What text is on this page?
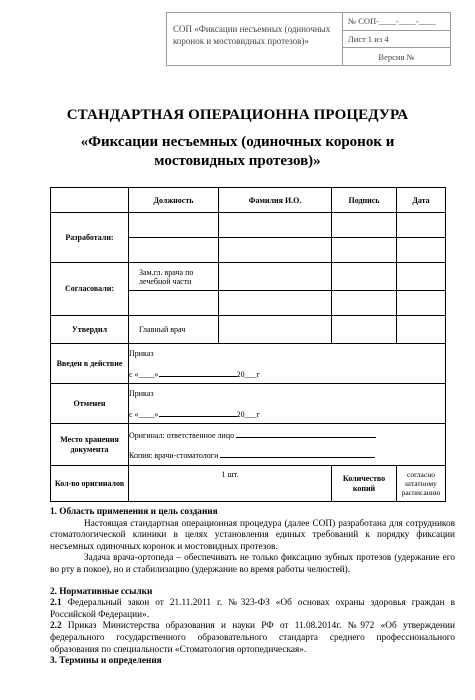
СОП «Фиксации несъемных (одиночных коронок и мостовидных протезов)»
№ СОП-____-____-____
Лист 1 из 4
Версия №
СТАНДАРТНАЯ ОПЕРАЦИОННА ПРОЦЕДУРА
«Фиксации несъемных (одиночных коронок и мостовидных протезов)»
	Должность	Фамилия И.О.	Подпись	Дата
Разработали:				

Согласовали:	Зам.гл. врача по лечебной части			

Утвердил	Главный врач			
Введен в действие	Приказ
с «____» 20___г			

Отменен	Приказ
с «____» 20___г			

Место хранения документа	Оригинал: ответственное лицо
Копия: врачи-стоматологи			

Кол-во оригиналов	1 шт.		Количество копий	согласно штатному расписанию

1. Область применения и цель создания

Настоящая стандартная операционная процедура (далее СОП) разработана для сотрудников стоматологической клиники в целях установления единых требований к порядку фиксации несъемных одиночных коронок и мостовидных протезов.

Задача врача-ортопеда – обеспечивать не только фиксацию зубных протезов (удержание его во рту в покое), но и стабилизацию (удержание во время работы челюстей).

2. Нормативные ссылки

2.1 Федеральный закон от 21.11.2011 г. №323-ФЗ «Об основах охраны здоровья граждан в Российской Федерации».

2.2 Приказ Министерства образования и науки РФ от 11.08.2014г. №972 «Об утверждении федерального государственного образовательного стандарта среднего профессионального образования по специальности «Стоматология ортопедическая».

3. Термины и определения
